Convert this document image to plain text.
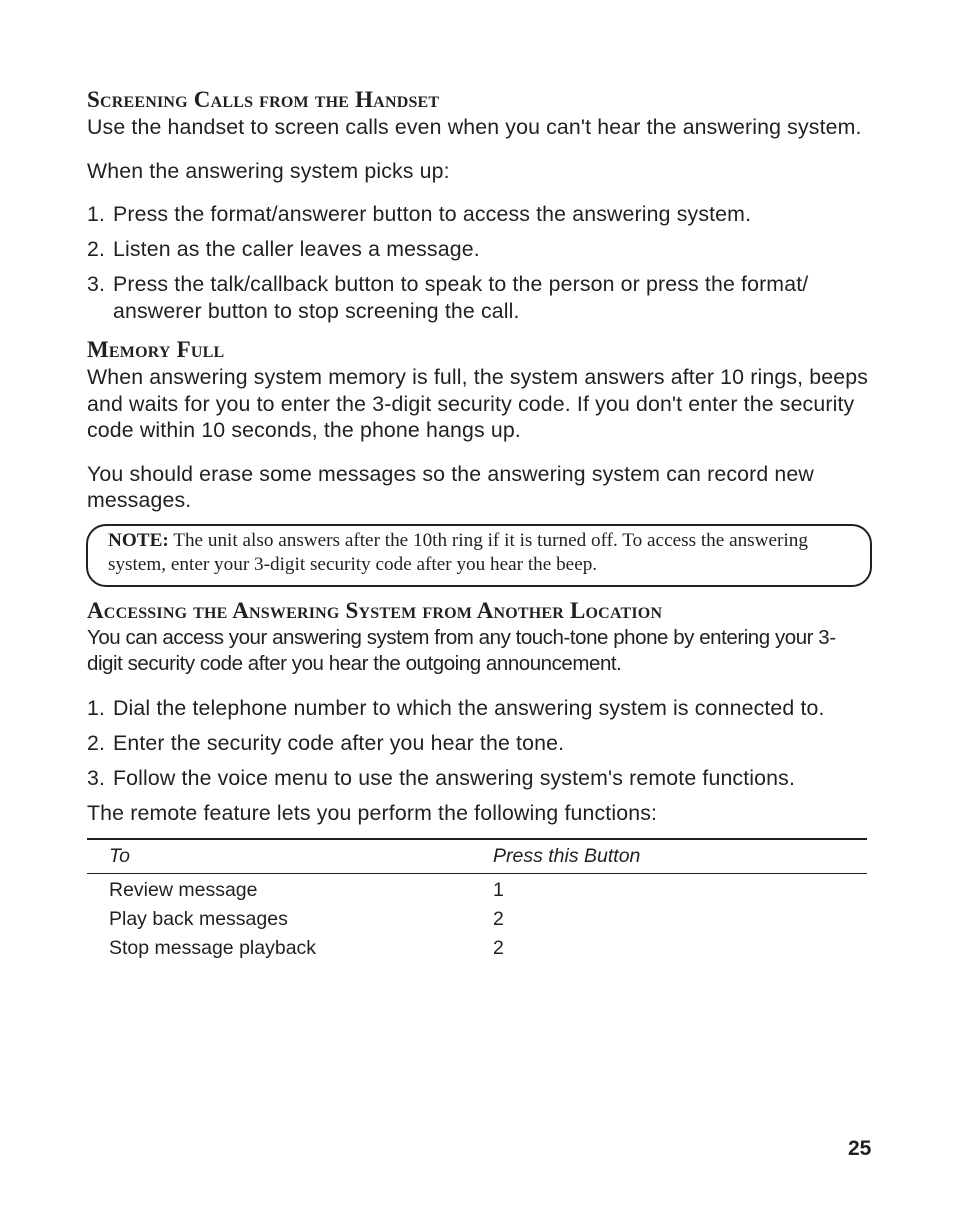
Screening Calls from the Handset

Use the handset to screen calls even when you can't hear the answering system.

When the answering system picks up:

1. Press the format/answerer button to access the answering system.
2. Listen as the caller leaves a message.
3. Press the talk/callback button to speak to the person or press the format/ answerer button to stop screening the call.
Memory Full

When answering system memory is full, the system answers after 10 rings, beeps and waits for you to enter the 3-digit security code. If you don't enter the security code within 10 seconds, the phone hangs up.

You should erase some messages so the answering system can record new messages.

NOTE: The unit also answers after the 10th ring if it is turned off. To access the answering system, enter your 3-digit security code after you hear the beep.
Accessing the Answering System from Another Location

You can access your answering system from any touch-tone phone by entering your 3-digit security code after you hear the outgoing announcement.

1. Dial the telephone number to which the answering system is connected to.
2. Enter the security code after you hear the tone.
3. Follow the voice menu to use the answering system's remote functions.

The remote feature lets you perform the following functions:

To	Press this Button
Review message	1
Play back messages	2
Stop message playback	2
25
